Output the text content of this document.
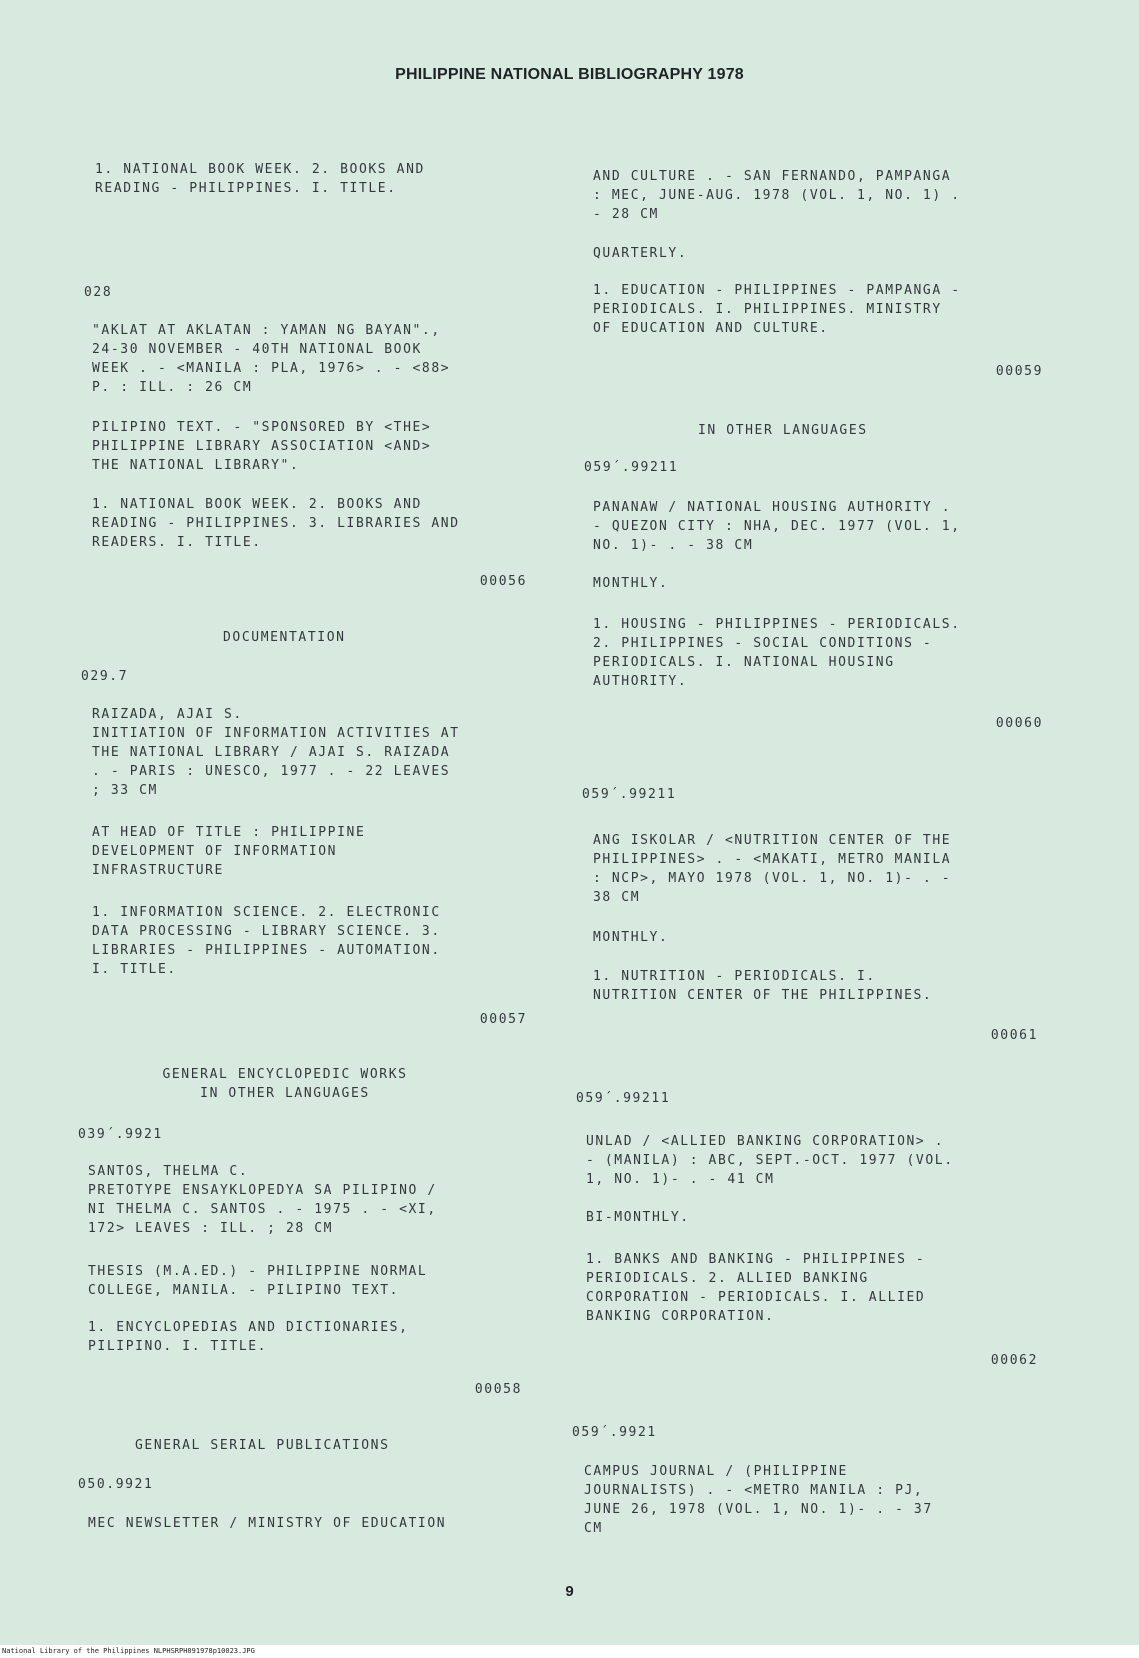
PHILIPPINE NATIONAL BIBLIOGRAPHY 1978
1. NATIONAL BOOK WEEK. 2. BOOKS AND
READING - PHILIPPINES. I. TITLE.
028
"AKLAT AT AKLATAN : YAMAN NG BAYAN".,
24-30 NOVEMBER - 40TH NATIONAL BOOK
WEEK . - <MANILA : PLA, 1976> . - <88>
P. : ILL. : 26 CM
PILIPINO TEXT. - "SPONSORED BY <THE>
PHILIPPINE LIBRARY ASSOCIATION <AND>
THE NATIONAL LIBRARY".
1. NATIONAL BOOK WEEK. 2. BOOKS AND
READING - PHILIPPINES. 3. LIBRARIES AND
READERS. I. TITLE.
00056
DOCUMENTATION
029.7
RAIZADA, AJAI S.
INITIATION OF INFORMATION ACTIVITIES AT
THE NATIONAL LIBRARY / AJAI S. RAIZADA
. - PARIS : UNESCO, 1977 . - 22 LEAVES
; 33 CM
AT HEAD OF TITLE : PHILIPPINE
DEVELOPMENT OF INFORMATION
INFRASTRUCTURE
1. INFORMATION SCIENCE. 2. ELECTRONIC
DATA PROCESSING - LIBRARY SCIENCE. 3.
LIBRARIES - PHILIPPINES - AUTOMATION.
I. TITLE.
00057
GENERAL ENCYCLOPEDIC WORKS
IN OTHER LANGUAGES
039´.9921
SANTOS, THELMA C.
PRETOTYPE ENSAYKLOPEDYA SA PILIPINO /
NI THELMA C. SANTOS . - 1975 . - <XI,
172> LEAVES : ILL. ; 28 CM
THESIS (M.A.ED.) - PHILIPPINE NORMAL
COLLEGE, MANILA. - PILIPINO TEXT.
1. ENCYCLOPEDIAS AND DICTIONARIES,
PILIPINO. I. TITLE.
00058
GENERAL SERIAL PUBLICATIONS
050.9921
MEC NEWSLETTER / MINISTRY OF EDUCATION
AND CULTURE . - SAN FERNANDO, PAMPANGA
: MEC, JUNE-AUG. 1978 (VOL. 1, NO. 1) .
- 28 CM
QUARTERLY.
1. EDUCATION - PHILIPPINES - PAMPANGA -
PERIODICALS. I. PHILIPPINES. MINISTRY
OF EDUCATION AND CULTURE.
00059
IN OTHER LANGUAGES
059´.99211
PANANAW / NATIONAL HOUSING AUTHORITY .
- QUEZON CITY : NHA, DEC. 1977 (VOL. 1,
NO. 1)- . - 38 CM
MONTHLY.
1. HOUSING - PHILIPPINES - PERIODICALS.
2. PHILIPPINES - SOCIAL CONDITIONS -
PERIODICALS. I. NATIONAL HOUSING
AUTHORITY.
00060
059´.99211
ANG ISKOLAR / <NUTRITION CENTER OF THE
PHILIPPINES> . - <MAKATI, METRO MANILA
: NCP>, MAYO 1978 (VOL. 1, NO. 1)- . -
38 CM
MONTHLY.
1. NUTRITION - PERIODICALS. I.
NUTRITION CENTER OF THE PHILIPPINES.
00061
059´.99211
UNLAD / <ALLIED BANKING CORPORATION> .
- (MANILA) : ABC, SEPT.-OCT. 1977 (VOL.
1, NO. 1)- . - 41 CM
BI-MONTHLY.
1. BANKS AND BANKING - PHILIPPINES -
PERIODICALS. 2. ALLIED BANKING
CORPORATION - PERIODICALS. I. ALLIED
BANKING CORPORATION.
00062
059´.9921
CAMPUS JOURNAL / (PHILIPPINE
JOURNALISTS) . - <METRO MANILA : PJ,
JUNE 26, 1978 (VOL. 1, NO. 1)- . - 37
CM
9
National Library of the Philippines NLPHSRPH091978p10023.JPG
